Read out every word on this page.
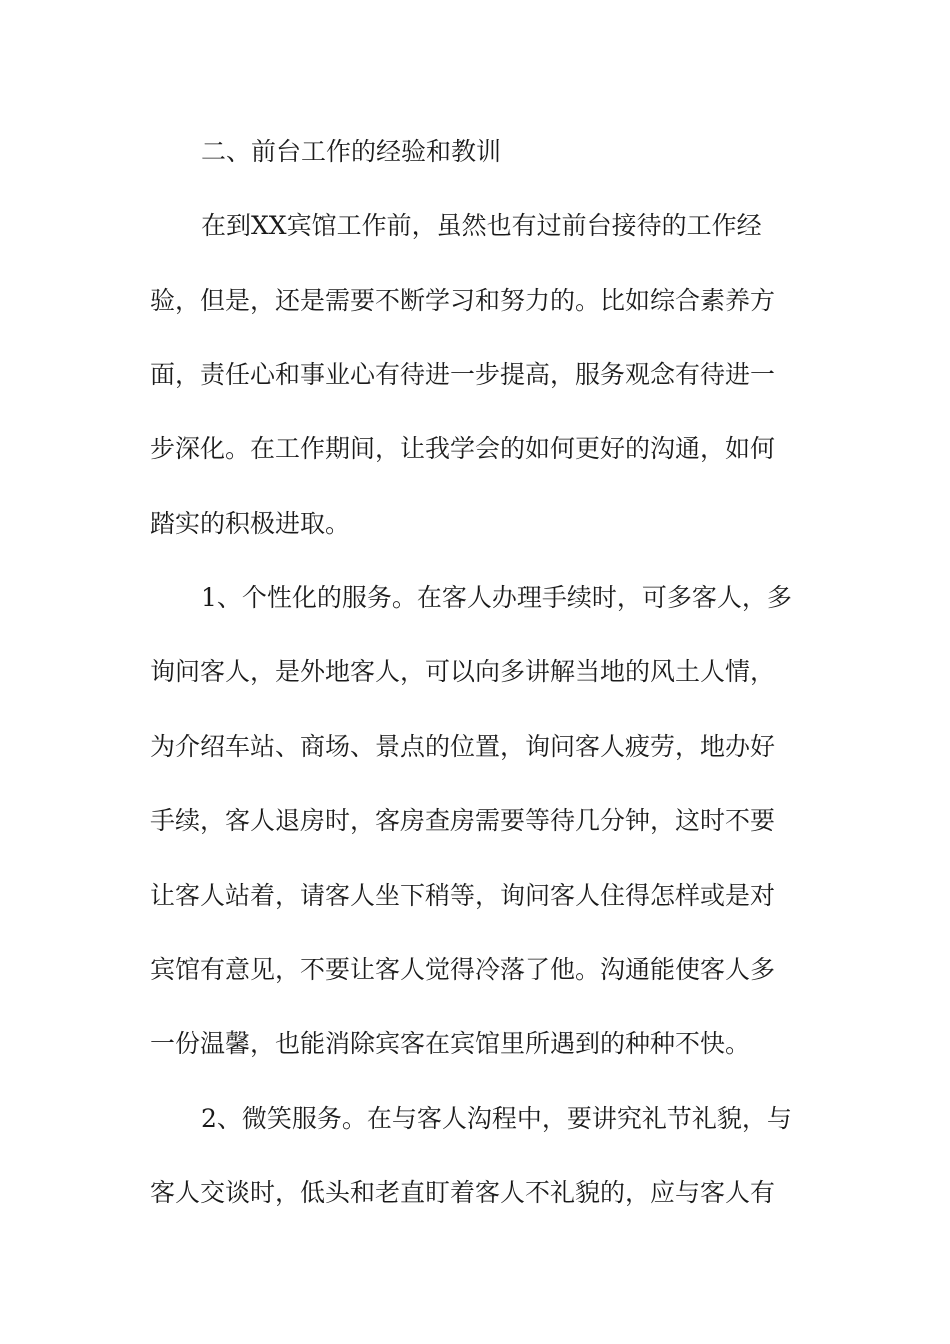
二、前台工作的经验和教训
在到XX宾馆工作前，虽然也有过前台接待的工作经
验，但是，还是需要不断学习和努力的。比如综合素养方
面，责任心和事业心有待进一步提高，服务观念有待进一
步深化。在工作期间，让我学会的如何更好的沟通，如何
踏实的积极进取。
1、个性化的服务。在客人办理手续时，可多客人，多
询问客人，是外地客人，可以向多讲解当地的风土人情，
为介绍车站、商场、景点的位置，询问客人疲劳，地办好
手续，客人退房时，客房查房需要等待几分钟，这时不要
让客人站着，请客人坐下稍等，询问客人住得怎样或是对
宾馆有意见，不要让客人觉得冷落了他。沟通能使客人多
一份温馨，也能消除宾客在宾馆里所遇到的种种不快。
2、微笑服务。在与客人沟程中，要讲究礼节礼貌，与
客人交谈时，低头和老直盯着客人不礼貌的，应与客人有
